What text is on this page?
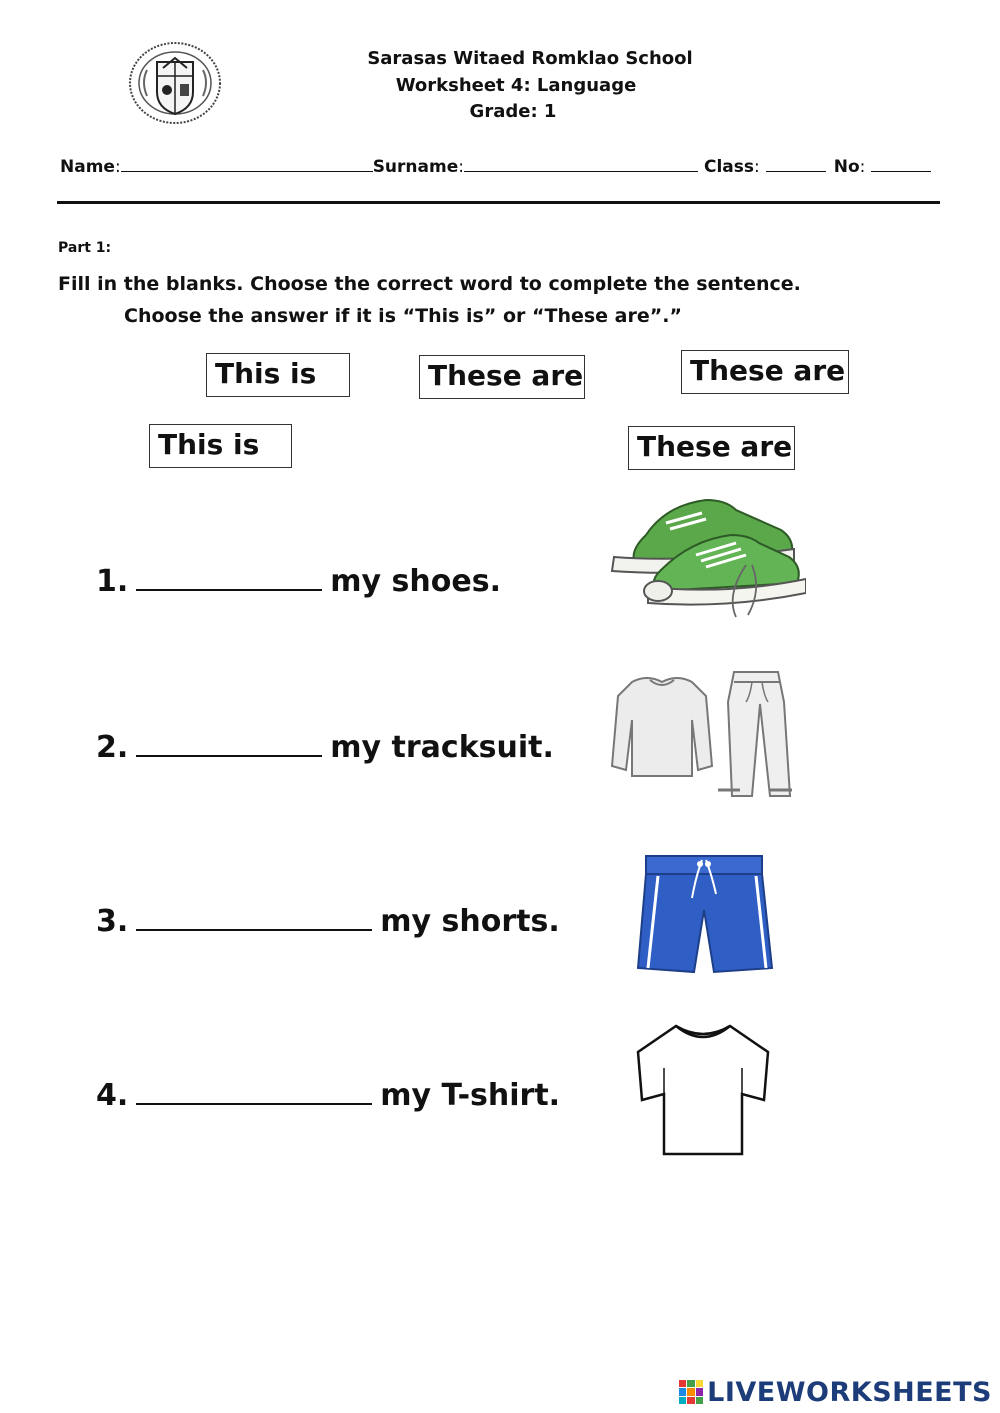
Sarasas Witaed Romklao School
Worksheet 4: Language
Grade: 1
Name:	Surname:	Class:	No:
Part 1:
Fill in the blanks. Choose the correct word to complete the sentence.
Choose the answer if it is “This is” or “These are”.”
This is	These are	These are
This is	These are
1.	my shoes.
2.	my tracksuit.
3.	my shorts.
4.	my T-shirt.
LIVEWORKSHEETS
